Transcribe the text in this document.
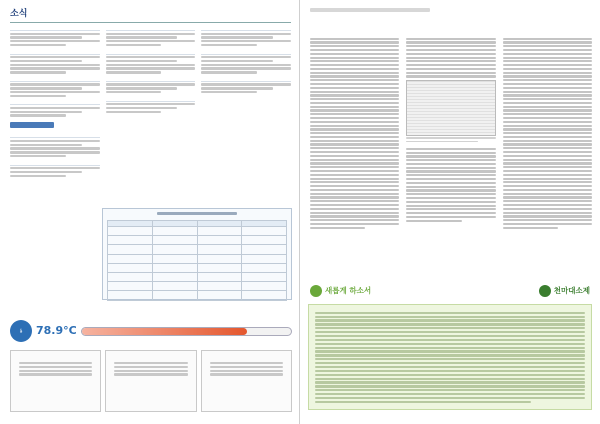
소식

🌡	78.9°C
새롭게 하소서	천마대소제
